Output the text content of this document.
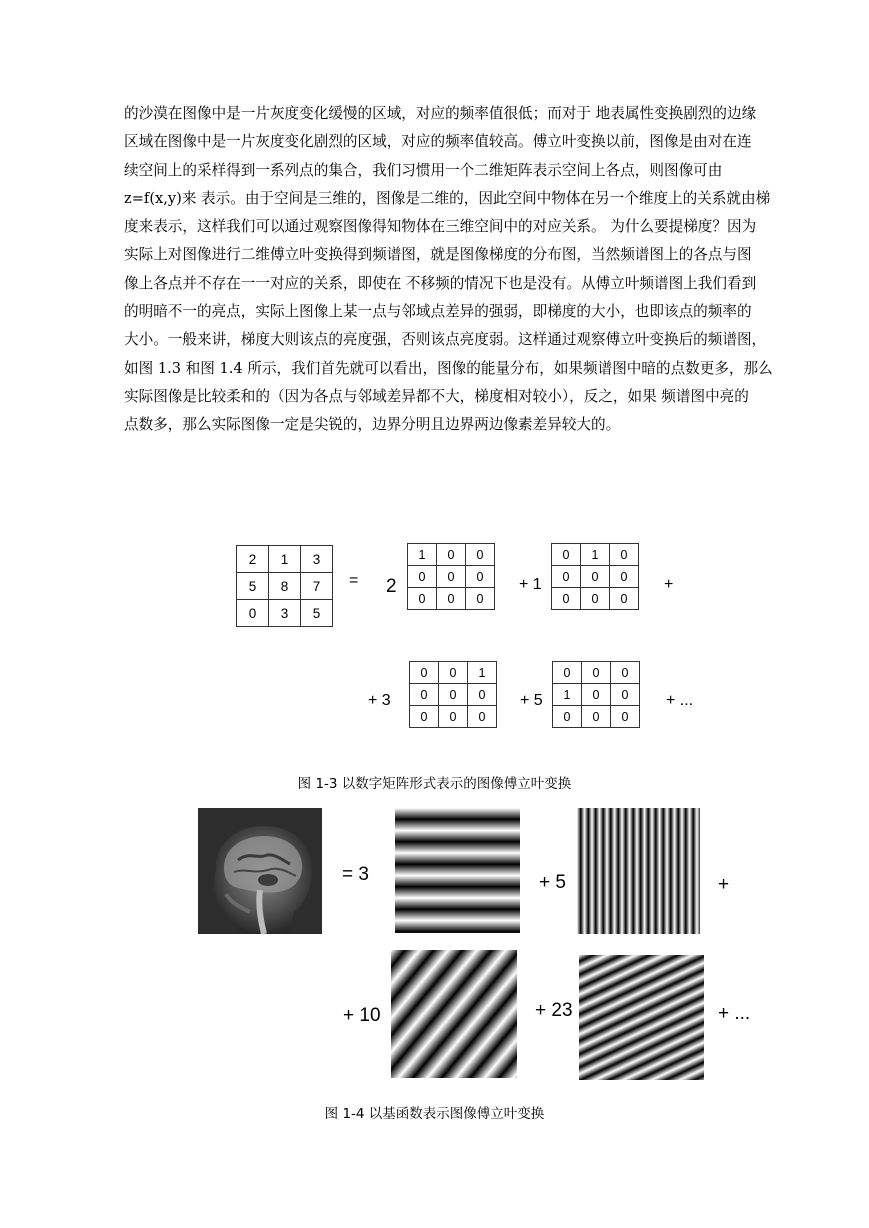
的沙漠在图像中是一片灰度变化缓慢的区域，对应的频率值很低；而对于 地表属性变换剧烈的边缘
区域在图像中是一片灰度变化剧烈的区域，对应的频率值较高。傅立叶变换以前，图像是由对在连
续空间上的采样得到一系列点的集合，我们习惯用一个二维矩阵表示空间上各点，则图像可由
z=f(x,y)来 表示。由于空间是三维的，图像是二维的，因此空间中物体在另一个维度上的关系就由梯
度来表示，这样我们可以通过观察图像得知物体在三维空间中的对应关系。 为什么要提梯度？因为
实际上对图像进行二维傅立叶变换得到频谱图，就是图像梯度的分布图，当然频谱图上的各点与图
像上各点并不存在一一对应的关系，即使在 不移频的情况下也是没有。从傅立叶频谱图上我们看到
的明暗不一的亮点，实际上图像上某一点与邻域点差异的强弱，即梯度的大小，也即该点的频率的
大小。一般来讲，梯度大则该点的亮度强，否则该点亮度弱。这样通过观察傅立叶变换后的频谱图，
如图 1.3 和图 1.4 所示，我们首先就可以看出，图像的能量分布，如果频谱图中暗的点数更多，那么
实际图像是比较柔和的（因为各点与邻域差异都不大，梯度相对较小），反之，如果 频谱图中亮的
点数多，那么实际图像一定是尖锐的，边界分明且边界两边像素差异较大的。
2	1	3
5	8	7
0	3	5
= 2
1	0	0
0	0	0
0	0	0
+ 1
0	1	0
0	0	0
0	0	0
+
+ 3
0	0	1
0	0	0
0	0	0
+ 5
0	0	0
1	0	0
0	0	0
+ ...
图 1-3 以数字矩阵形式表示的图像傅立叶变换
= 3	+ 5	+
+ 10	+ 23	+ ...
图 1-4 以基函数表示图像傅立叶变换
